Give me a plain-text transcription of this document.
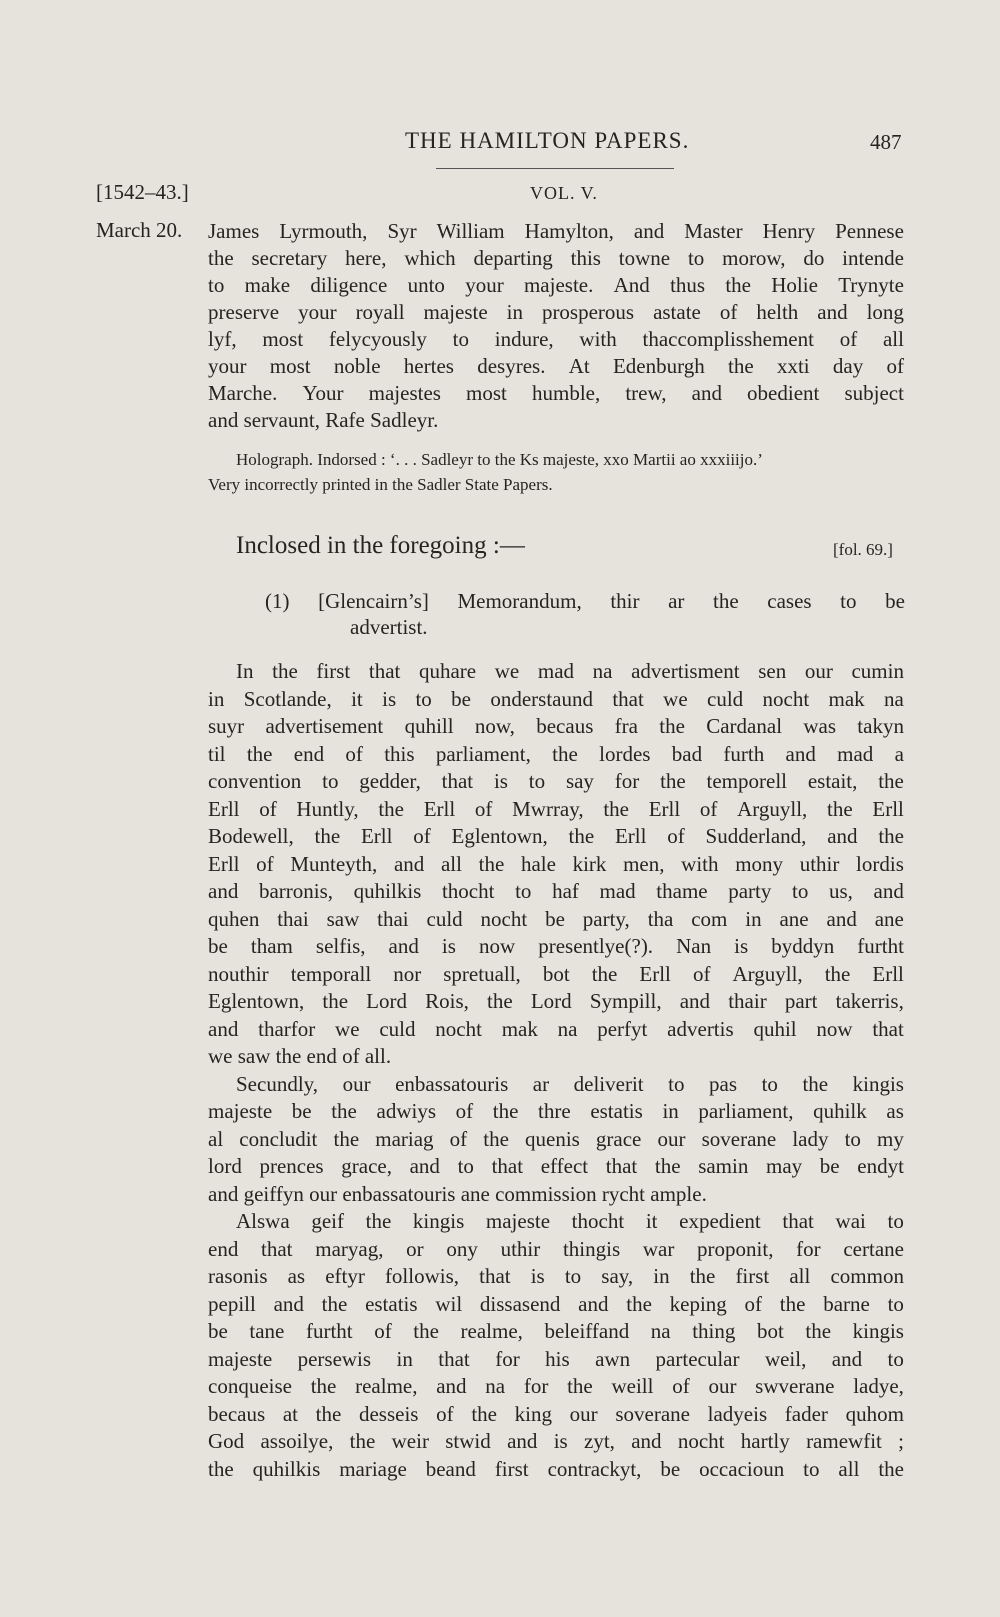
THE HAMILTON PAPERS.	487
[1542–43.]	VOL. V.
March 20. James Lyrmouth, Syr William Hamylton, and Master Henry Pennese
the secretary here, which departing this towne to morow, do intende
to make diligence unto your majeste. And thus the Holie Trynyte
preserve your royall majeste in prosperous astate of helth and long
lyf, most felycyously to indure, with thaccomplisshement of all
your most noble hertes desyres. At Edenburgh the xxti day of
Marche. Your majestes most humble, trew, and obedient subject
and servaunt, Rafe Sadleyr.
Holograph. Indorsed : ‘. . . Sadleyr to the Ks majeste, xxo Martii ao xxxiiijo.’
Very incorrectly printed in the Sadler State Papers.
Inclosed in the foregoing :—	[fol. 69.]
(1) [Glencairn’s] Memorandum, thir ar the cases to be
advertist.
In the first that quhare we mad na advertisment sen our cumin
in Scotlande, it is to be onderstaund that we culd nocht mak na
suyr advertisement quhill now, becaus fra the Cardanal was takyn
til the end of this parliament, the lordes bad furth and mad a
convention to gedder, that is to say for the temporell estait, the
Erll of Huntly, the Erll of Mwrray, the Erll of Arguyll, the Erll
Bodewell, the Erll of Eglentown, the Erll of Sudderland, and the
Erll of Munteyth, and all the hale kirk men, with mony uthir lordis
and barronis, quhilkis thocht to haf mad thame party to us, and
quhen thai saw thai culd nocht be party, tha com in ane and ane
be tham selfis, and is now presentlye(?). Nan is byddyn furtht
nouthir temporall nor spretuall, bot the Erll of Arguyll, the Erll
Eglentown, the Lord Rois, the Lord Sympill, and thair part takerris,
and tharfor we culd nocht mak na perfyt advertis quhil now that
we saw the end of all.
Secundly, our enbassatouris ar deliverit to pas to the kingis
majeste be the adwiys of the thre estatis in parliament, quhilk as
al concludit the mariag of the quenis grace our soverane lady to my
lord prences grace, and to that effect that the samin may be endyt
and geiffyn our enbassatouris ane commission rycht ample.
Alswa geif the kingis majeste thocht it expedient that wai to
end that maryag, or ony uthir thingis war proponit, for certane
rasonis as eftyr followis, that is to say, in the first all common
pepill and the estatis wil dissasend and the keping of the barne to
be tane furtht of the realme, beleiffand na thing bot the kingis
majeste persewis in that for his awn partecular weil, and to
conqueise the realme, and na for the weill of our swverane ladye,
becaus at the desseis of the king our soverane ladyeis fader quhom
God assoilye, the weir stwid and is zyt, and nocht hartly ramewfit ;
the quhilkis mariage beand first contrackyt, be occacioun to all the
